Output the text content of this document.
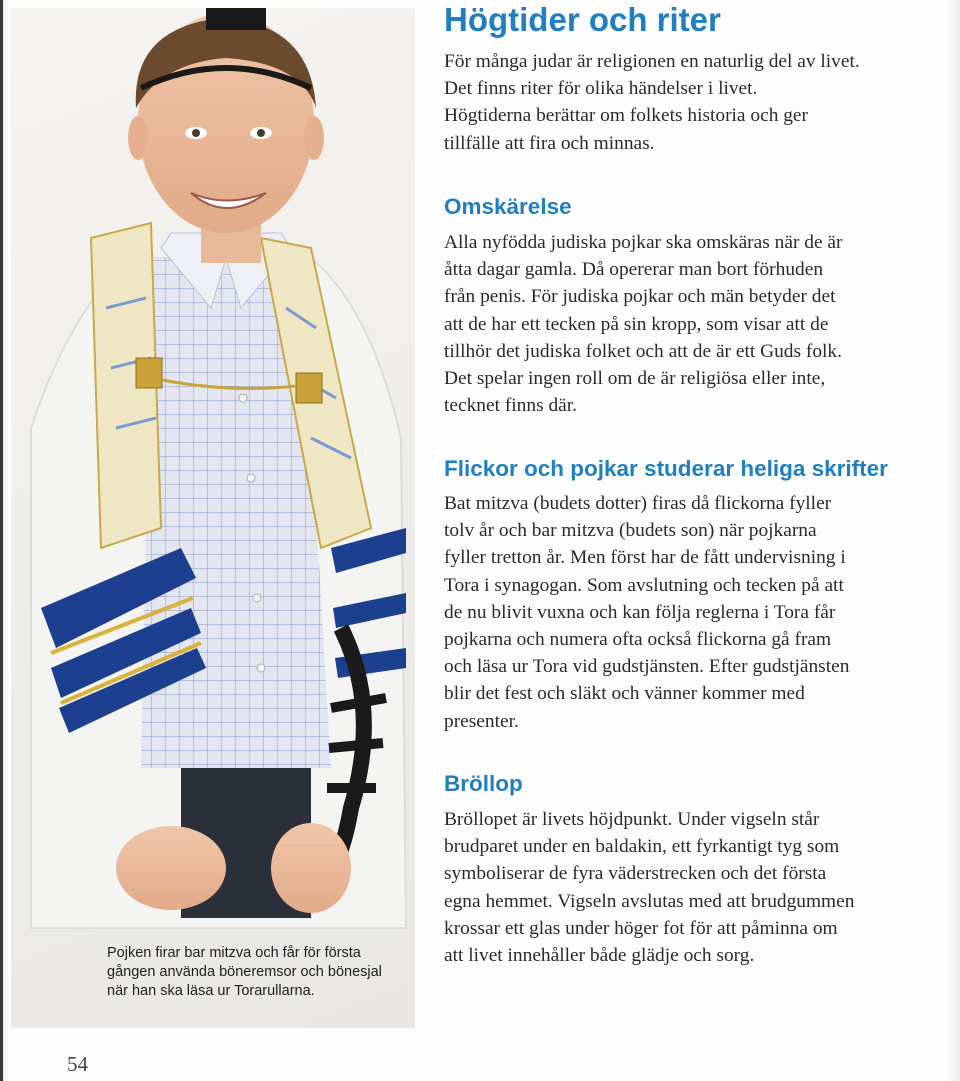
Pojken firar bar mitzva och får för första
gången använda böneremsor och bönesjal
när han ska läsa ur Torarullarna.
Högtider och riter
För många judar är religionen en naturlig del av livet.
Det finns riter för olika händelser i livet.
Högtiderna berättar om folkets historia och ger
tillfälle att fira och minnas.
Omskärelse
Alla nyfödda judiska pojkar ska omskäras när de är
åtta dagar gamla. Då opererar man bort förhuden
från penis. För judiska pojkar och män betyder det
att de har ett tecken på sin kropp, som visar att de
tillhör det judiska folket och att de är ett Guds folk.
Det spelar ingen roll om de är religiösa eller inte,
tecknet finns där.
Flickor och pojkar studerar heliga skrifter
Bat mitzva (budets dotter) firas då flickorna fyller
tolv år och bar mitzva (budets son) när pojkarna
fyller tretton år. Men först har de fått undervisning i
Tora i synagogan. Som avslutning och tecken på att
de nu blivit vuxna och kan följa reglerna i Tora får
pojkarna och numera ofta också flickorna gå fram
och läsa ur Tora vid gudstjänsten. Efter gudstjänsten
blir det fest och släkt och vänner kommer med
presenter.
Bröllop
Bröllopet är livets höjdpunkt. Under vigseln står
brudparet under en baldakin, ett fyrkantigt tyg som
symboliserar de fyra väderstrecken och det första
egna hemmet. Vigseln avslutas med att brudgummen
krossar ett glas under höger fot för att påminna om
att livet innehåller både glädje och sorg.
54
